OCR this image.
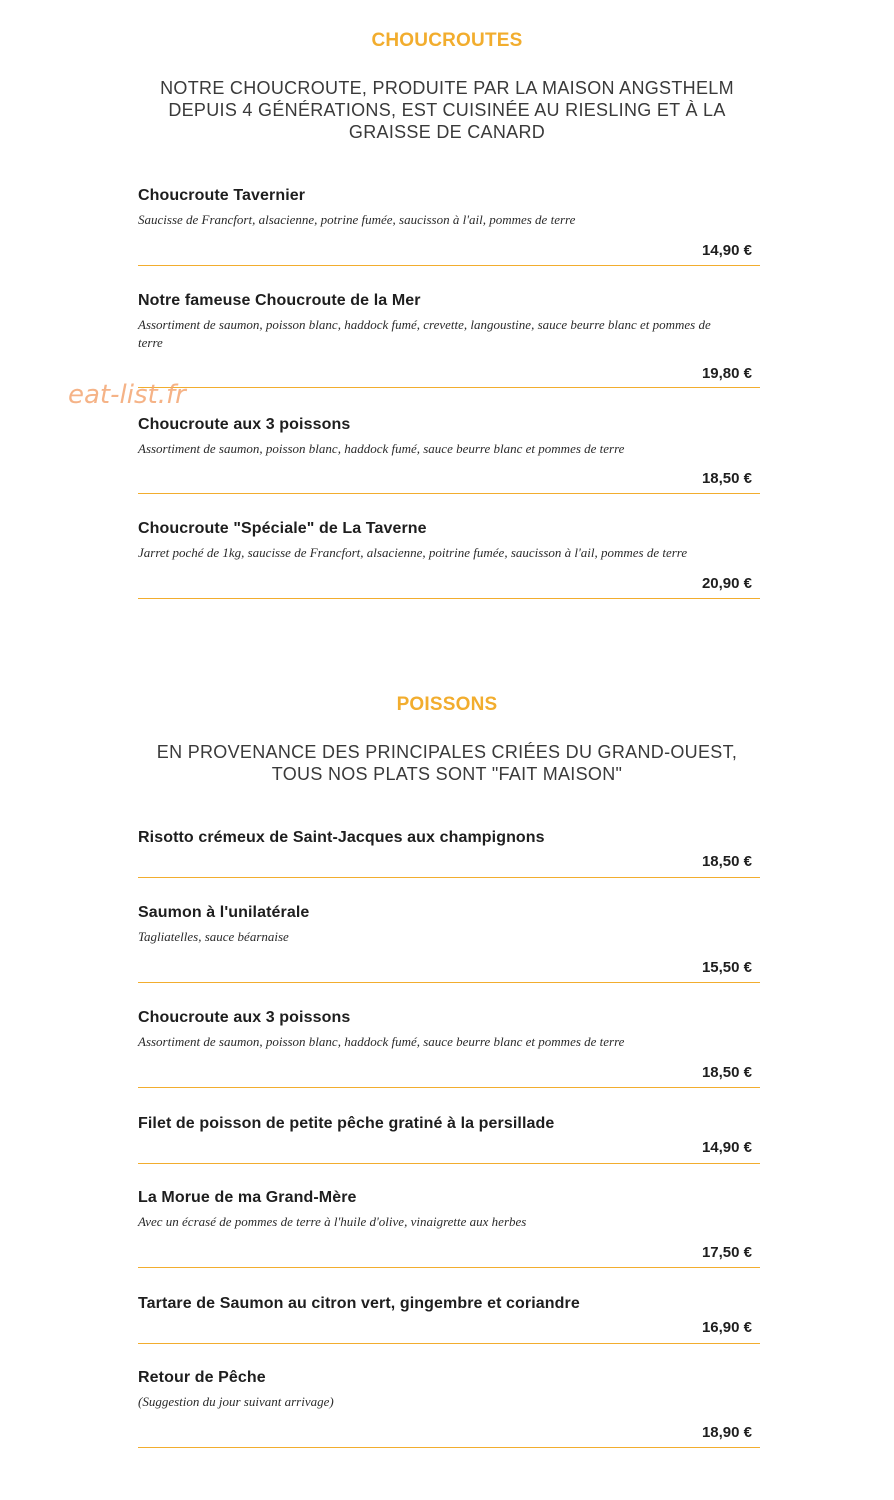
CHOUCROUTES
NOTRE CHOUCROUTE, PRODUITE PAR LA MAISON ANGSTHELM
DEPUIS 4 GÉNÉRATIONS, EST CUISINÉE AU RIESLING ET À LA
GRAISSE DE CANARD
Choucroute Tavernier
Saucisse de Francfort, alsacienne, potrine fumée, saucisson à l'ail, pommes de terre
14,90 €
Notre fameuse Choucroute de la Mer
Assortiment de saumon, poisson blanc, haddock fumé, crevette, langoustine, sauce beurre blanc et pommes de terre
19,80 €
Choucroute aux 3 poissons
Assortiment de saumon, poisson blanc, haddock fumé, sauce beurre blanc et pommes de terre
18,50 €
Choucroute "Spéciale" de La Taverne
Jarret poché de 1kg, saucisse de Francfort, alsacienne, poitrine fumée, saucisson à l'ail, pommes de terre
20,90 €
POISSONS
EN PROVENANCE DES PRINCIPALES CRIÉES DU GRAND-OUEST,
TOUS NOS PLATS SONT "FAIT MAISON"
Risotto crémeux de Saint-Jacques aux champignons
18,50 €
Saumon à l'unilatérale
Tagliatelles, sauce béarnaise
15,50 €
Choucroute aux 3 poissons
Assortiment de saumon, poisson blanc, haddock fumé, sauce beurre blanc et pommes de terre
18,50 €
Filet de poisson de petite pêche gratiné à la persillade
14,90 €
La Morue de ma Grand-Mère
Avec un écrasé de pommes de terre à l'huile d'olive, vinaigrette aux herbes
17,50 €
Tartare de Saumon au citron vert, gingembre et coriandre
16,90 €
Retour de Pêche
(Suggestion du jour suivant arrivage)
18,90 €
eat-list.fr
